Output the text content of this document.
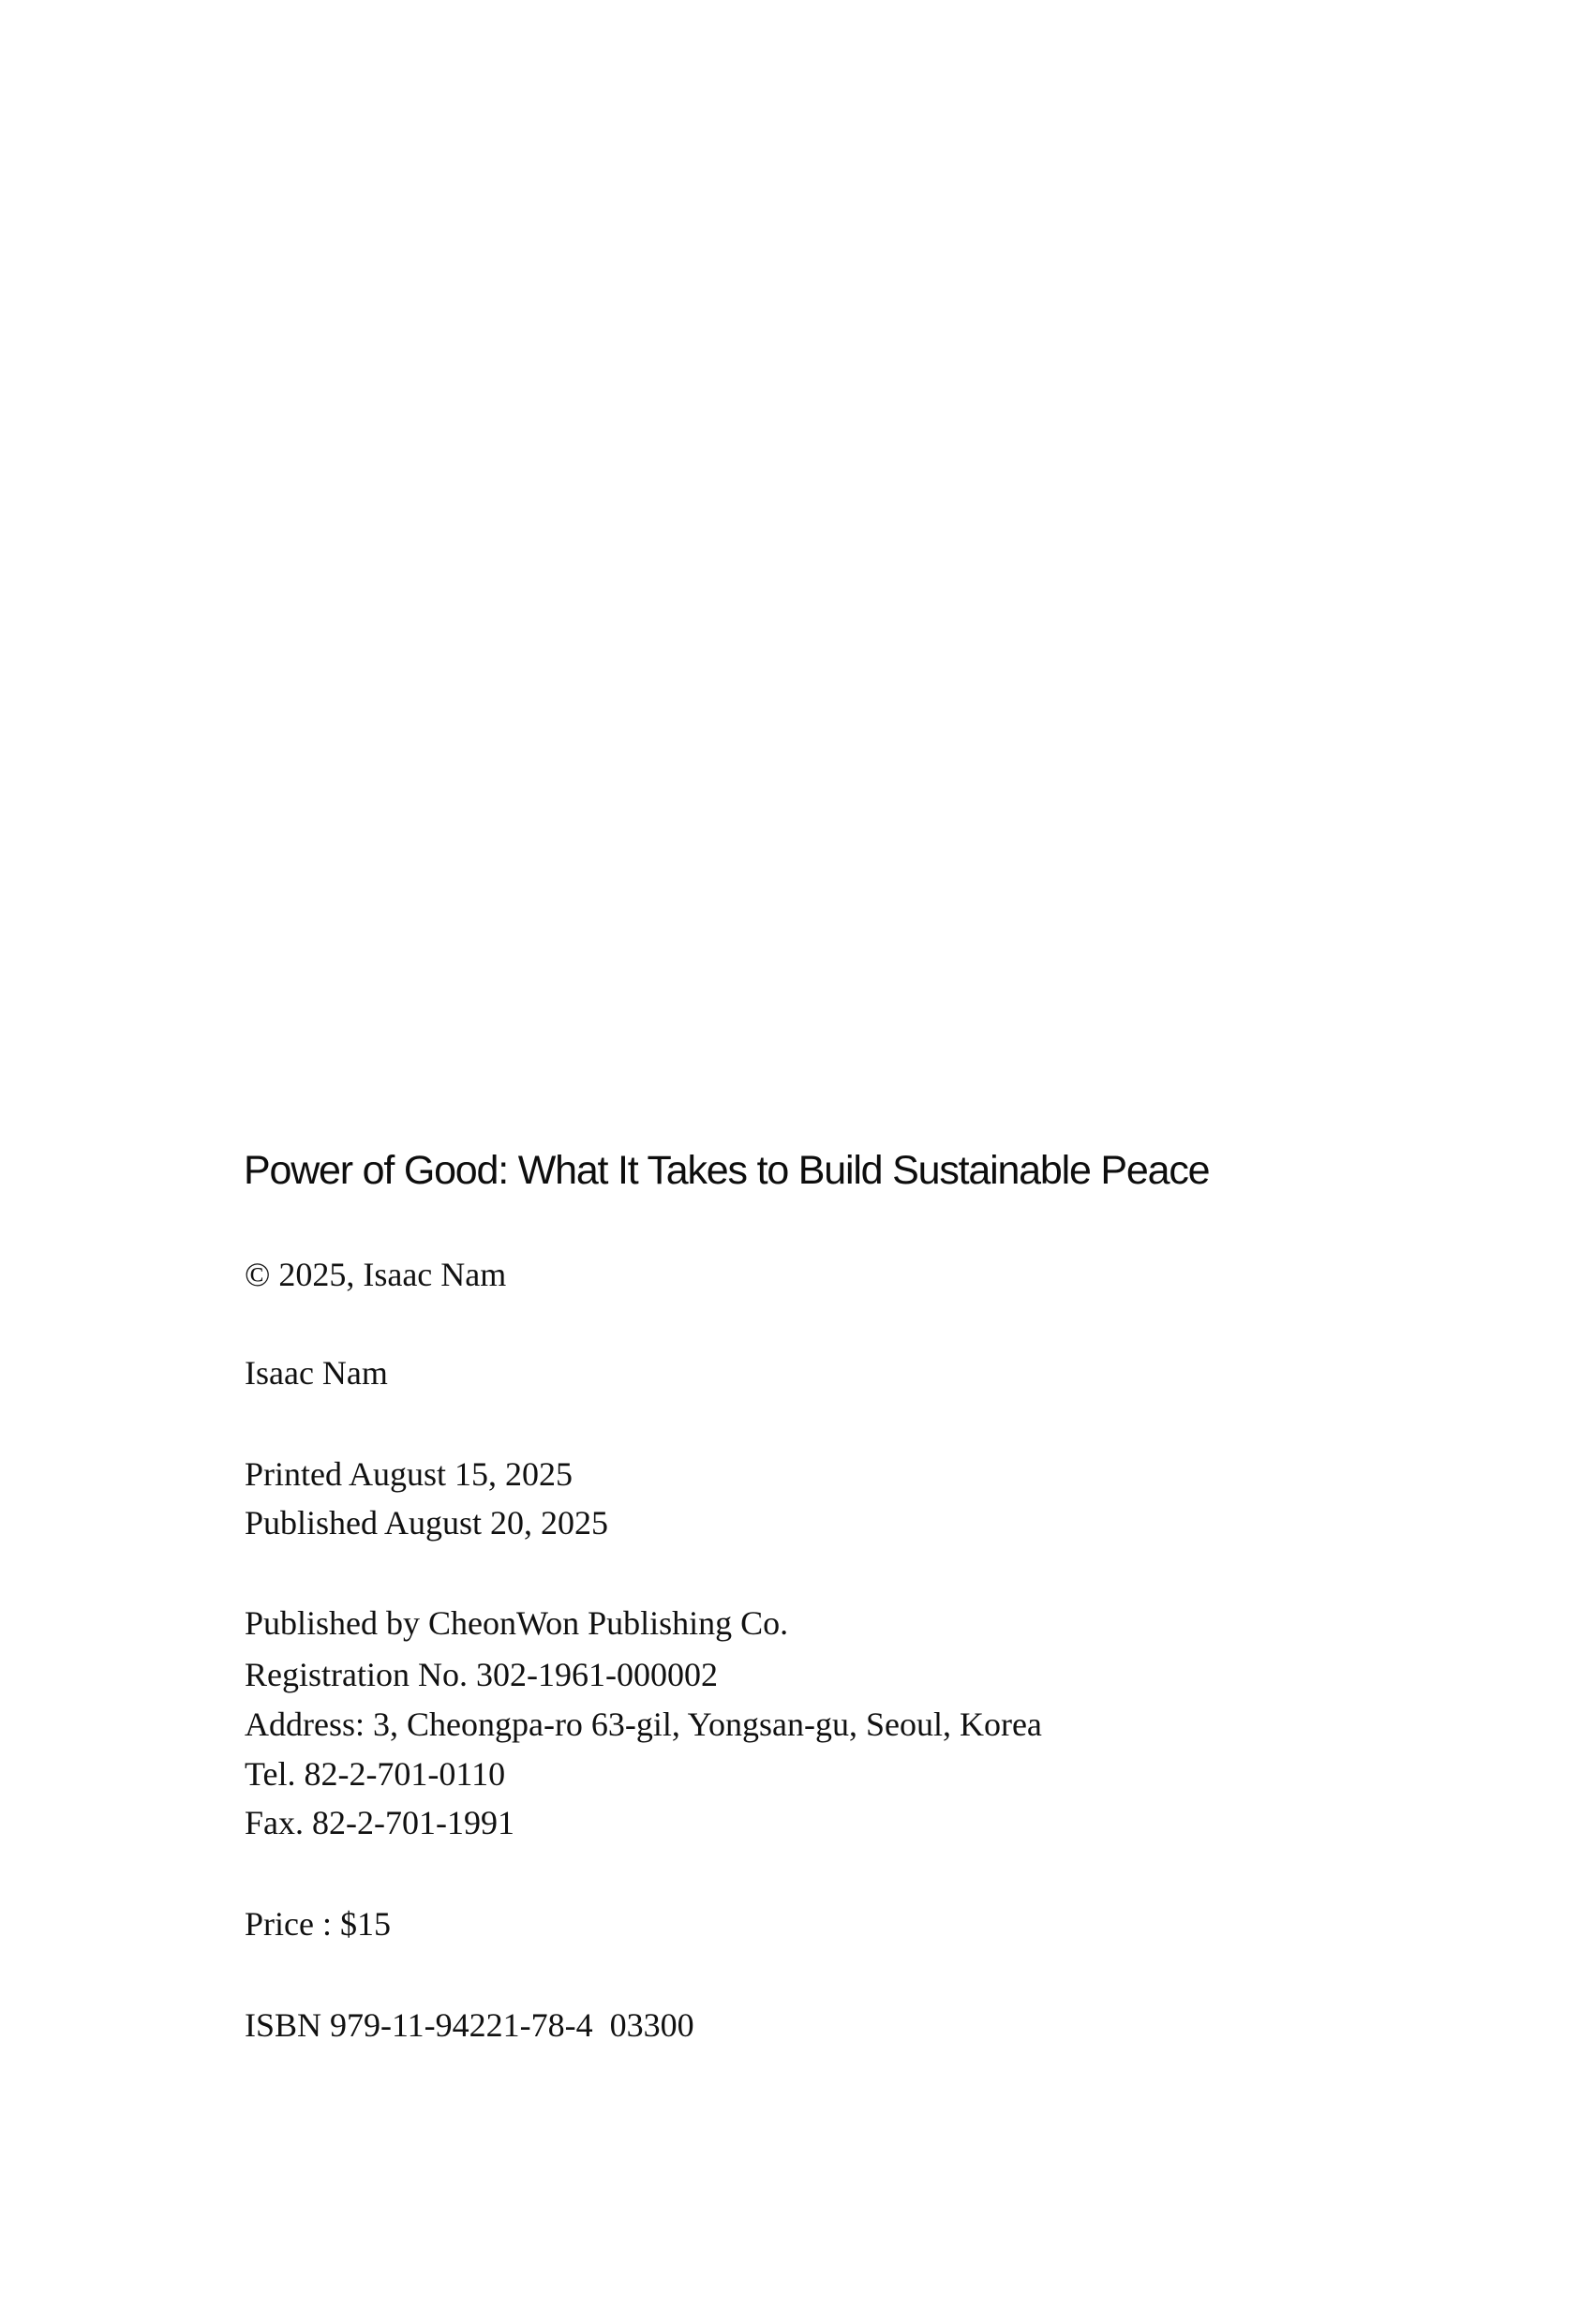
Power of Good: What It Takes to Build Sustainable Peace
© 2025, Isaac Nam
Isaac Nam
Printed August 15, 2025
Published August 20, 2025
Published by CheonWon Publishing Co.
Registration No. 302-1961-000002
Address: 3, Cheongpa-ro 63-gil, Yongsan-gu, Seoul, Korea
Tel. 82-2-701-0110
Fax. 82-2-701-1991
Price : $15
ISBN 979-11-94221-78-4  03300
